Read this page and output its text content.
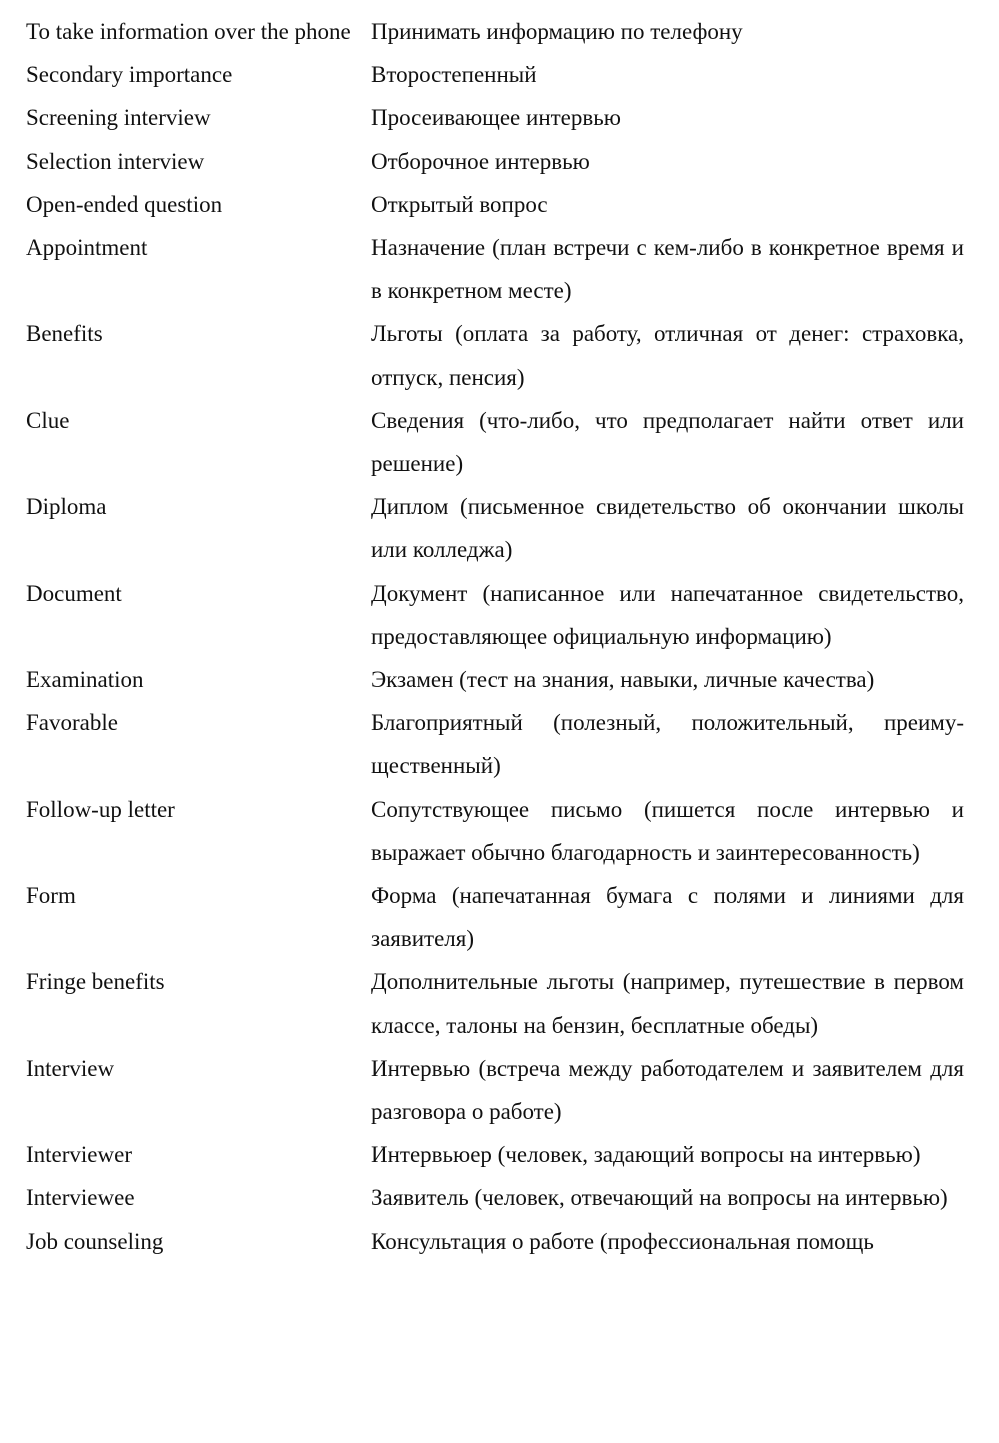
To take information over the phone Принимать информацию по телефону
Secondary importance	Второстепенный
Screening interview	Просеивающее интервью
Selection interview	Отборочное интервью
Open-ended question	Открытый вопрос
Appointment	Назначение (план встречи с кем-либо в конкретное время и в конкретном месте)
Benefits	Льготы (оплата за работу, отличная от денег: страховка, отпуск, пенсия)
Clue	Сведения (что-либо, что предполагает найти ответ или решение)
Diploma	Диплом (письменное свидетельство об окончании школы или колледжа)
Document	Документ (написанное или напечатанное свидетельство, предоставляющее официальную информацию)
Examination	Экзамен (тест на знания, навыки, личные качества)
Favorable	Благоприятный (полезный, положительный, преимущественный)
Follow-up letter	Сопутствующее письмо (пишется после интервью и выражает обычно благодарность и заинтересованность)
Form	Форма (напечатанная бумага с полями и линиями для заявителя)
Fringe benefits	Дополнительные льготы (например, путешествие в первом классе, талоны на бензин, бесплатные обеды)
Interview	Интервью (встреча между работодателем и заявителем для разговора о работе)
Interviewer	Интервьюер (человек, задающий вопросы на интервью)
Interviewee	Заявитель (человек, отвечающий на вопросы на интервью)
Job counseling	Консультация о работе (профессиональная помощь
